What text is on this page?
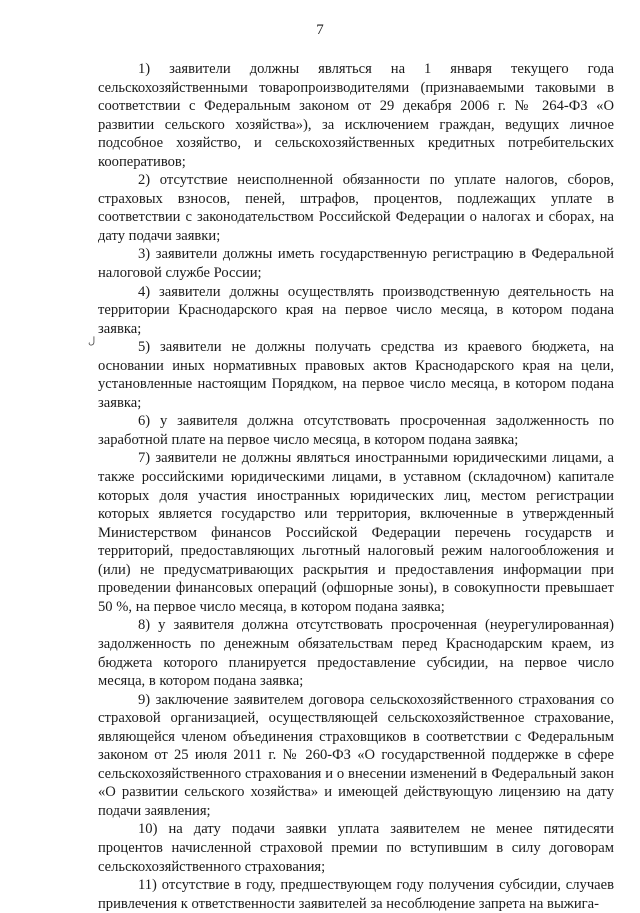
7
ل

1) заявители должны являться на 1 января текущего года сельскохозяйственными товаропроизводителями (признаваемыми таковыми в соответствии с Федеральным законом от 29 декабря 2006 г. № 264-ФЗ «О развитии сельского хозяйства»), за исключением граждан, ведущих личное подсобное хозяйство, и сельскохозяйственных кредитных потребительских кооперативов;

2) отсутствие неисполненной обязанности по уплате налогов, сборов, страховых взносов, пеней, штрафов, процентов, подлежащих уплате в соответствии с законодательством Российской Федерации о налогах и сборах, на дату подачи заявки;

3) заявители должны иметь государственную регистрацию в Федеральной налоговой службе России;

4) заявители должны осуществлять производственную деятельность на территории Краснодарского края на первое число месяца, в котором подана заявка;

5) заявители не должны получать средства из краевого бюджета, на основании иных нормативных правовых актов Краснодарского края на цели, установленные настоящим Порядком, на первое число месяца, в котором подана заявка;

6) у заявителя должна отсутствовать просроченная задолженность по заработной плате на первое число месяца, в котором подана заявка;

7) заявители не должны являться иностранными юридическими лицами, а также российскими юридическими лицами, в уставном (складочном) капитале которых доля участия иностранных юридических лиц, местом регистрации которых является государство или территория, включенные в утвержденный Министерством финансов Российской Федерации перечень государств и территорий, предоставляющих льготный налоговый режим налогообложения и (или) не предусматривающих раскрытия и предоставления информации при проведении финансовых операций (офшорные зоны), в совокупности превышает 50 %, на первое число месяца, в котором подана заявка;

8) у заявителя должна отсутствовать просроченная (неурегулированная) задолженность по денежным обязательствам перед Краснодарским краем, из бюджета которого планируется предоставление субсидии, на первое число месяца, в котором подана заявка;

9) заключение заявителем договора сельскохозяйственного страхования со страховой организацией, осуществляющей сельскохозяйственное страхование, являющейся членом объединения страховщиков в соответствии с Федеральным законом от 25 июля 2011 г. № 260-ФЗ «О государственной поддержке в сфере сельскохозяйственного страхования и о внесении изменений в Федеральный закон «О развитии сельского хозяйства» и имеющей действующую лицензию на дату подачи заявления;

10) на дату подачи заявки уплата заявителем не менее пятидесяти процентов начисленной страховой премии по вступившим в силу договорам сельскохозяйственного страхования;

11) отсутствие в году, предшествующем году получения субсидии, случаев привлечения к ответственности заявителей за несоблюдение запрета на выжига-
